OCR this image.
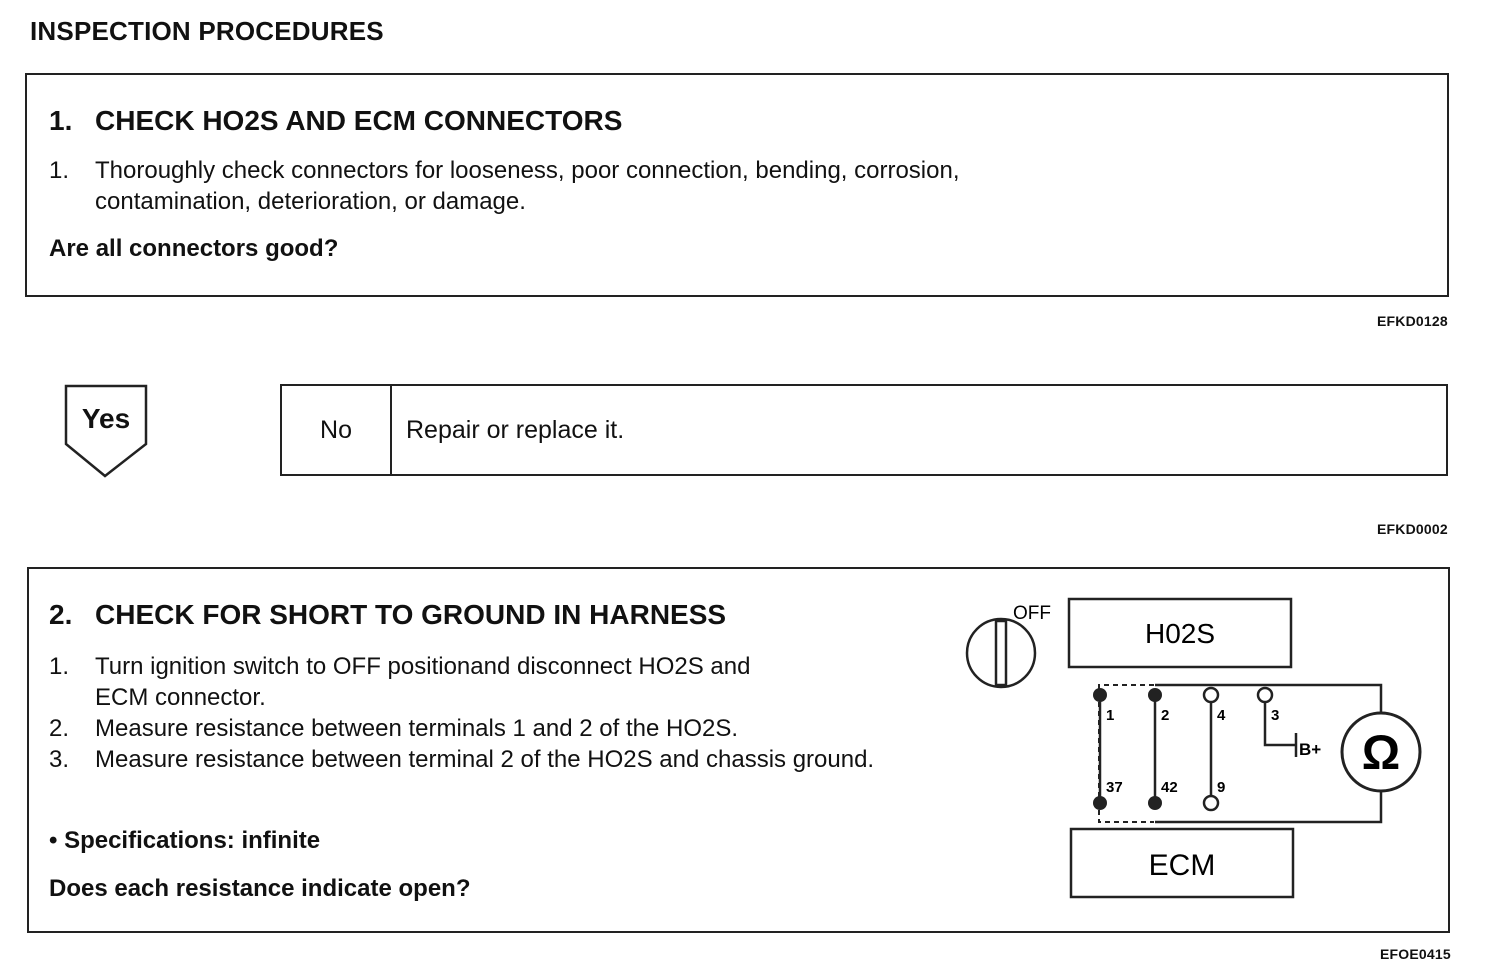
INSPECTION PROCEDURES
1. CHECK HO2S AND ECM CONNECTORS
1.	Thoroughly check connectors for looseness, poor connection, bending, corrosion,
contamination, deterioration, or damage.
Are all connectors good?
EFKD0128
Yes	No	Repair or replace it.
EFKD0002
2. CHECK FOR SHORT TO GROUND IN HARNESS
1.	Turn ignition switch to OFF positionand disconnect HO2S and
ECM connector.
2.	Measure resistance between terminals 1 and 2 of the HO2S.
3.	Measure resistance between terminal 2 of the HO2S and chassis ground.
• Specifications: infinite
Does each resistance indicate open?
OFF
H02S
ECM
B+ Ω
1	2	4	3
37	42	9
EFOE0415
